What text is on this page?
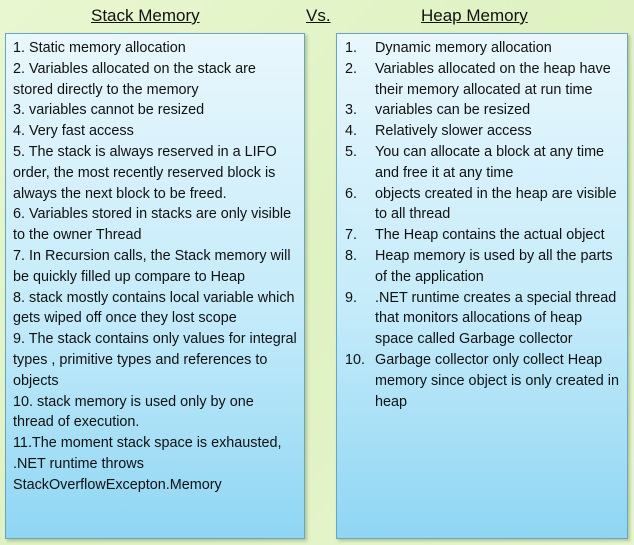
Stack Memory	Vs.	Heap Memory

1. Static memory allocation

2. Variables allocated on the stack are stored directly to the memory

3. variables cannot be resized

4. Very fast access

5. The stack is always reserved in a LIFO order, the most recently reserved block is always the next block to be freed.

6. Variables stored in stacks are only visible to the owner Thread

7. In Recursion calls, the Stack memory will be quickly filled up compare to Heap

8. stack mostly contains local variable which gets wiped off once they lost scope

9. The stack contains only values for integral types , primitive types and references to objects

10. stack memory is used only by one thread of execution.

11.The moment stack space is exhausted, .NET runtime throws StackOverflowExcepton.Memory

1.	Dynamic memory allocation
2.	Variables allocated on the heap have their memory allocated at run time
3.	variables can be resized
4.	Relatively slower access
5.	You can allocate a block at any time and free it at any time
6.	objects created in the heap are visible to all thread
7.	The Heap contains the actual object
8.	Heap memory is used by all the parts of the application
9.	.NET runtime creates a special thread that monitors allocations of heap space called Garbage collector
10. Garbage collector only collect Heap memory since object is only created in heap
